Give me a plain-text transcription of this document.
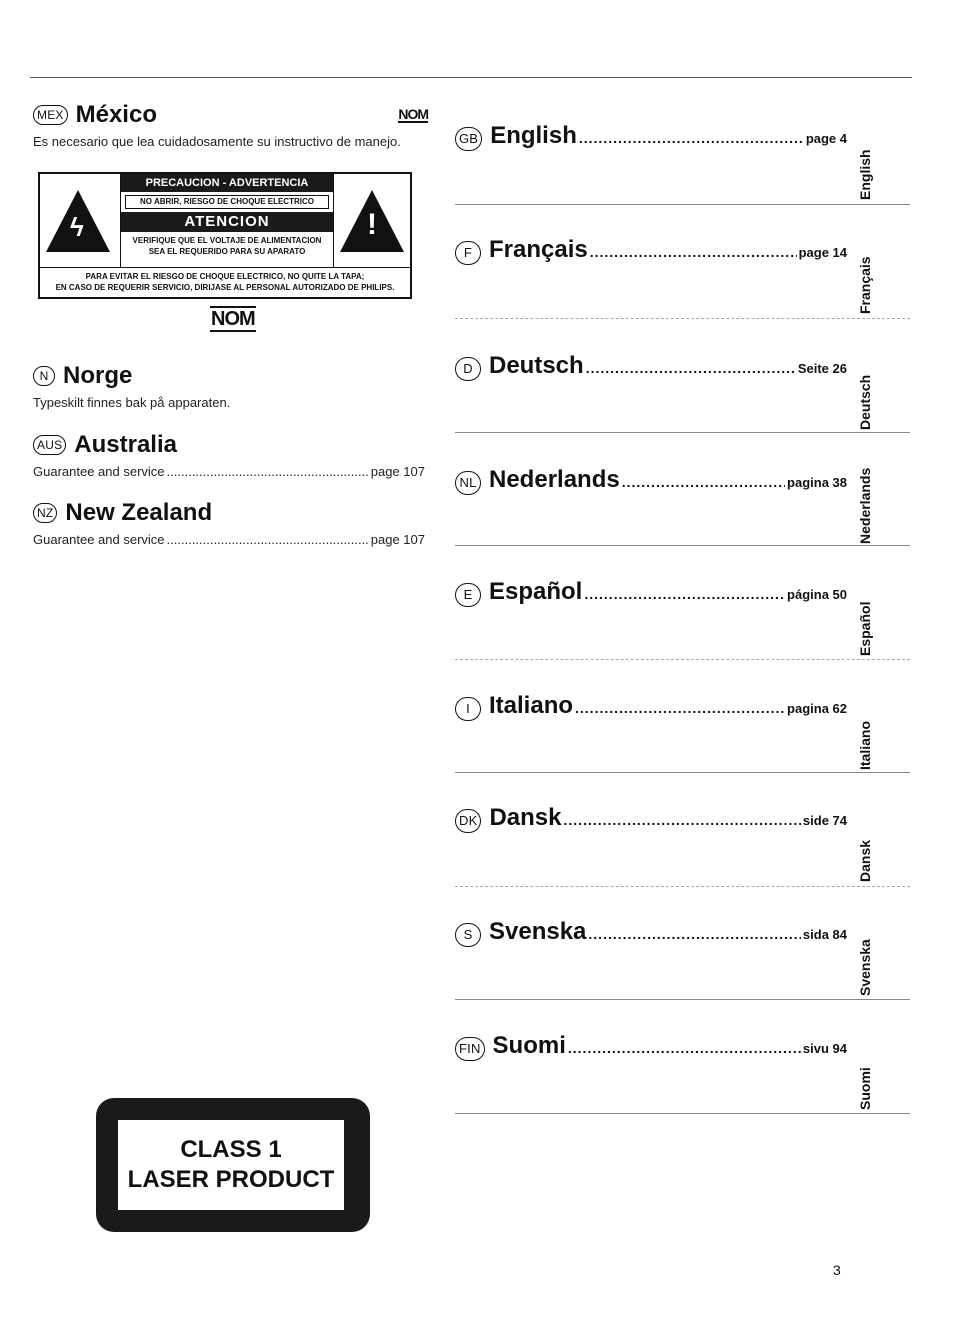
MEX México	NOM
Es necesario que lea cuidadosamente su instructivo de manejo.
ϟ
PRECAUCION - ADVERTENCIA
NO ABRIR, RIESGO DE CHOQUE ELECTRICO
ATENCION
VERIFIQUE QUE EL VOLTAJE DE ALIMENTACION
SEA EL REQUERIDO PARA SU APARATO
!
PARA EVITAR EL RIESGO DE CHOQUE ELECTRICO, NO QUITE LA TAPA;
EN CASO DE REQUERIR SERVICIO, DIRIJASE AL PERSONAL AUTORIZADO DE PHILIPS.
NOM
N Norge
Typeskilt finnes bak på apparaten.
AUS Australia
Guarantee and service .....	page 107
NZ New Zealand
Guarantee and service .....	page 107
CLASS 1
LASER PRODUCT
GB English .....	page 4
English
F Français .....	page 14
Français
D Deutsch .....	Seite 26
Deutsch
NL Nederlands .....	pagina 38 Nederlands
E Español .....	página 50
Español
I Italiano .....	pagina 62
Italiano
DK Dansk .....	side 74
Dansk
S Svenska .....	sida 84
Svenska
FIN Suomi .....	sivu 94
Suomi
3
